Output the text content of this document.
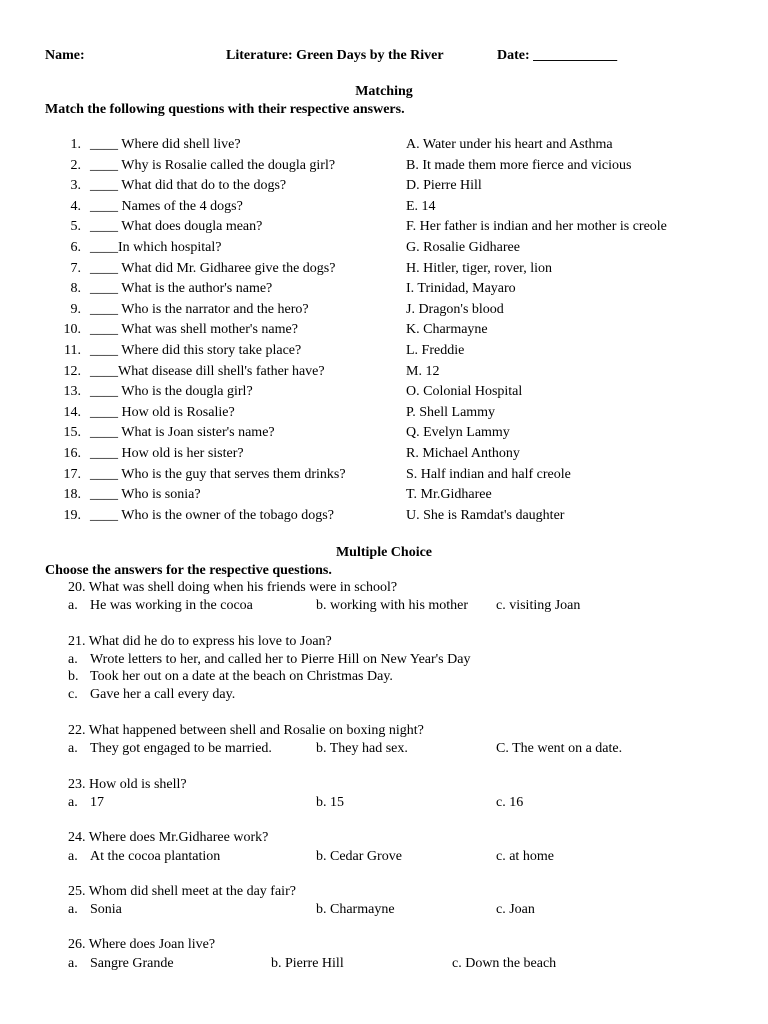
Name:	Literature: Green Days by the River	Date: ____________
Matching
Match the following questions with their respective answers.
1. ____ Where did shell live?	A. Water under his heart and Asthma
2. ____ Why is Rosalie called the dougla girl?	B. It made them more fierce and vicious
3. ____ What did that do to the dogs?	D. Pierre Hill
4. ____ Names of the 4 dogs?	E. 14
5. ____ What does dougla mean?	F. Her father is indian and her mother is creole
6. ____In which hospital?	G. Rosalie Gidharee
7. ____ What did Mr. Gidharee give the dogs?	H. Hitler, tiger, rover, lion
8. ____ What is the author's name?	I. Trinidad, Mayaro
9. ____ Who is the narrator and the hero?	J. Dragon's blood
10. ____ What was shell mother's name?	K. Charmayne
11. ____ Where did this story take place?	L. Freddie
12. ____What disease dill shell's father have?	M. 12
13. ____ Who is the dougla girl?	O. Colonial Hospital
14. ____ How old is Rosalie?	P. Shell Lammy
15. ____ What is Joan sister's name?	Q. Evelyn Lammy
16. ____ How old is her sister?	R. Michael Anthony
17. ____ Who is the guy that serves them drinks?	S. Half indian and half creole
18. ____ Who is sonia?	T. Mr.Gidharee
19. ____ Who is the owner of the tobago dogs?	U. She is Ramdat's daughter
Multiple Choice
Choose the answers for the respective questions.
20. What was shell doing when his friends were in school?
a. He was working in the cocoa	b. working with his mother c. visiting Joan
21. What did he do to express his love to Joan?
a. Wrote letters to her, and called her to Pierre Hill on New Year's Day
b. Took her out on a date at the beach on Christmas Day.
c. Gave her a call every day.
22. What happened between shell and Rosalie on boxing night?
a. They got engaged to be married.	b. They had sex.	C. The went on a date.
23. How old is shell?
a. 17	b. 15	c. 16
24. Where does Mr.Gidharee work?
a. At the cocoa plantation	b. Cedar Grove	c. at home
25. Whom did shell meet at the day fair?
a. Sonia	b. Charmayne	c. Joan
26. Where does Joan live?
a. Sangre Grande	b. Pierre Hill	c. Down the beach
